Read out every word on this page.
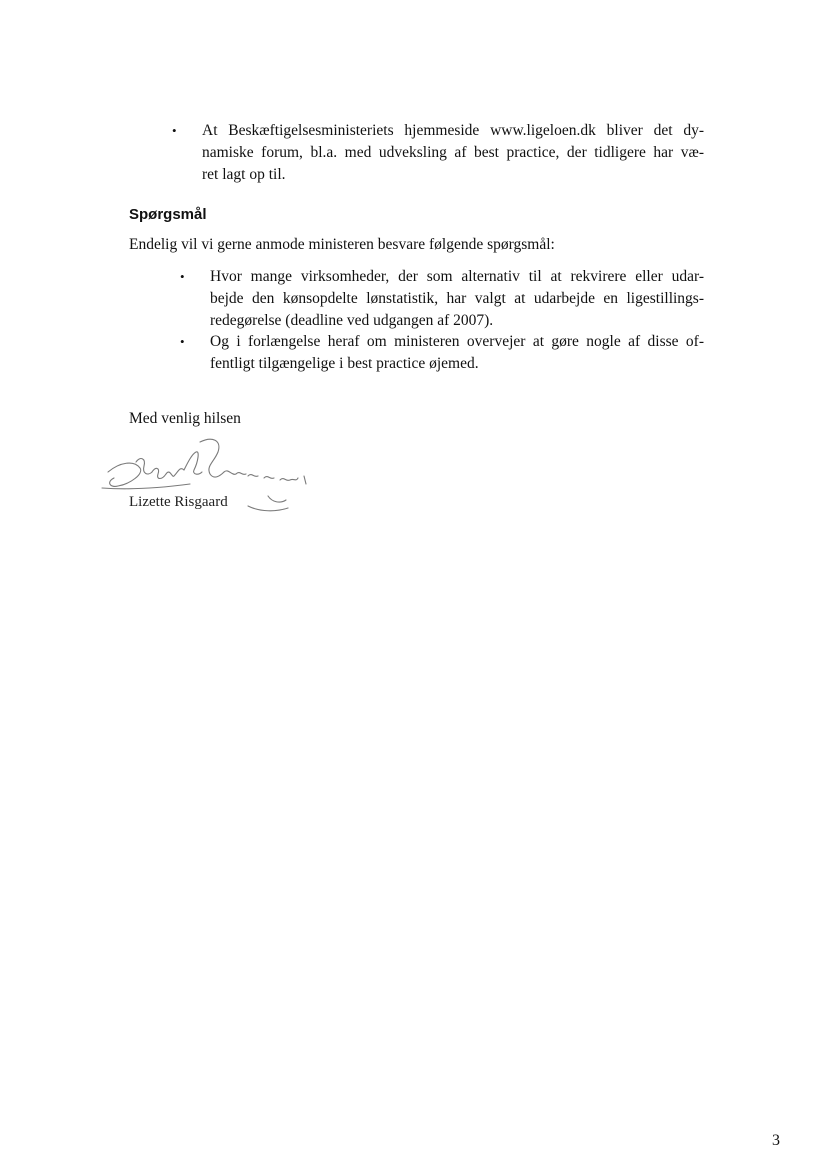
•	At Beskæftigelsesministeriets hjemmeside www.ligeloen.dk bliver det dy-
namiske forum, bl.a. med udveksling af best practice, der tidligere har væ-
ret lagt op til.
Spørgsmål
Endelig vil vi gerne anmode ministeren besvare følgende spørgsmål:
•	Hvor mange virksomheder, der som alternativ til at rekvirere eller udar-
bejde den kønsopdelte lønstatistik, har valgt at udarbejde en ligestillings-
redegørelse (deadline ved udgangen af 2007).
•	Og i forlængelse heraf om ministeren overvejer at gøre nogle af disse of-
fentligt tilgængelige i best practice øjemed.
Med venlig hilsen
Lizette Risgaard
3
